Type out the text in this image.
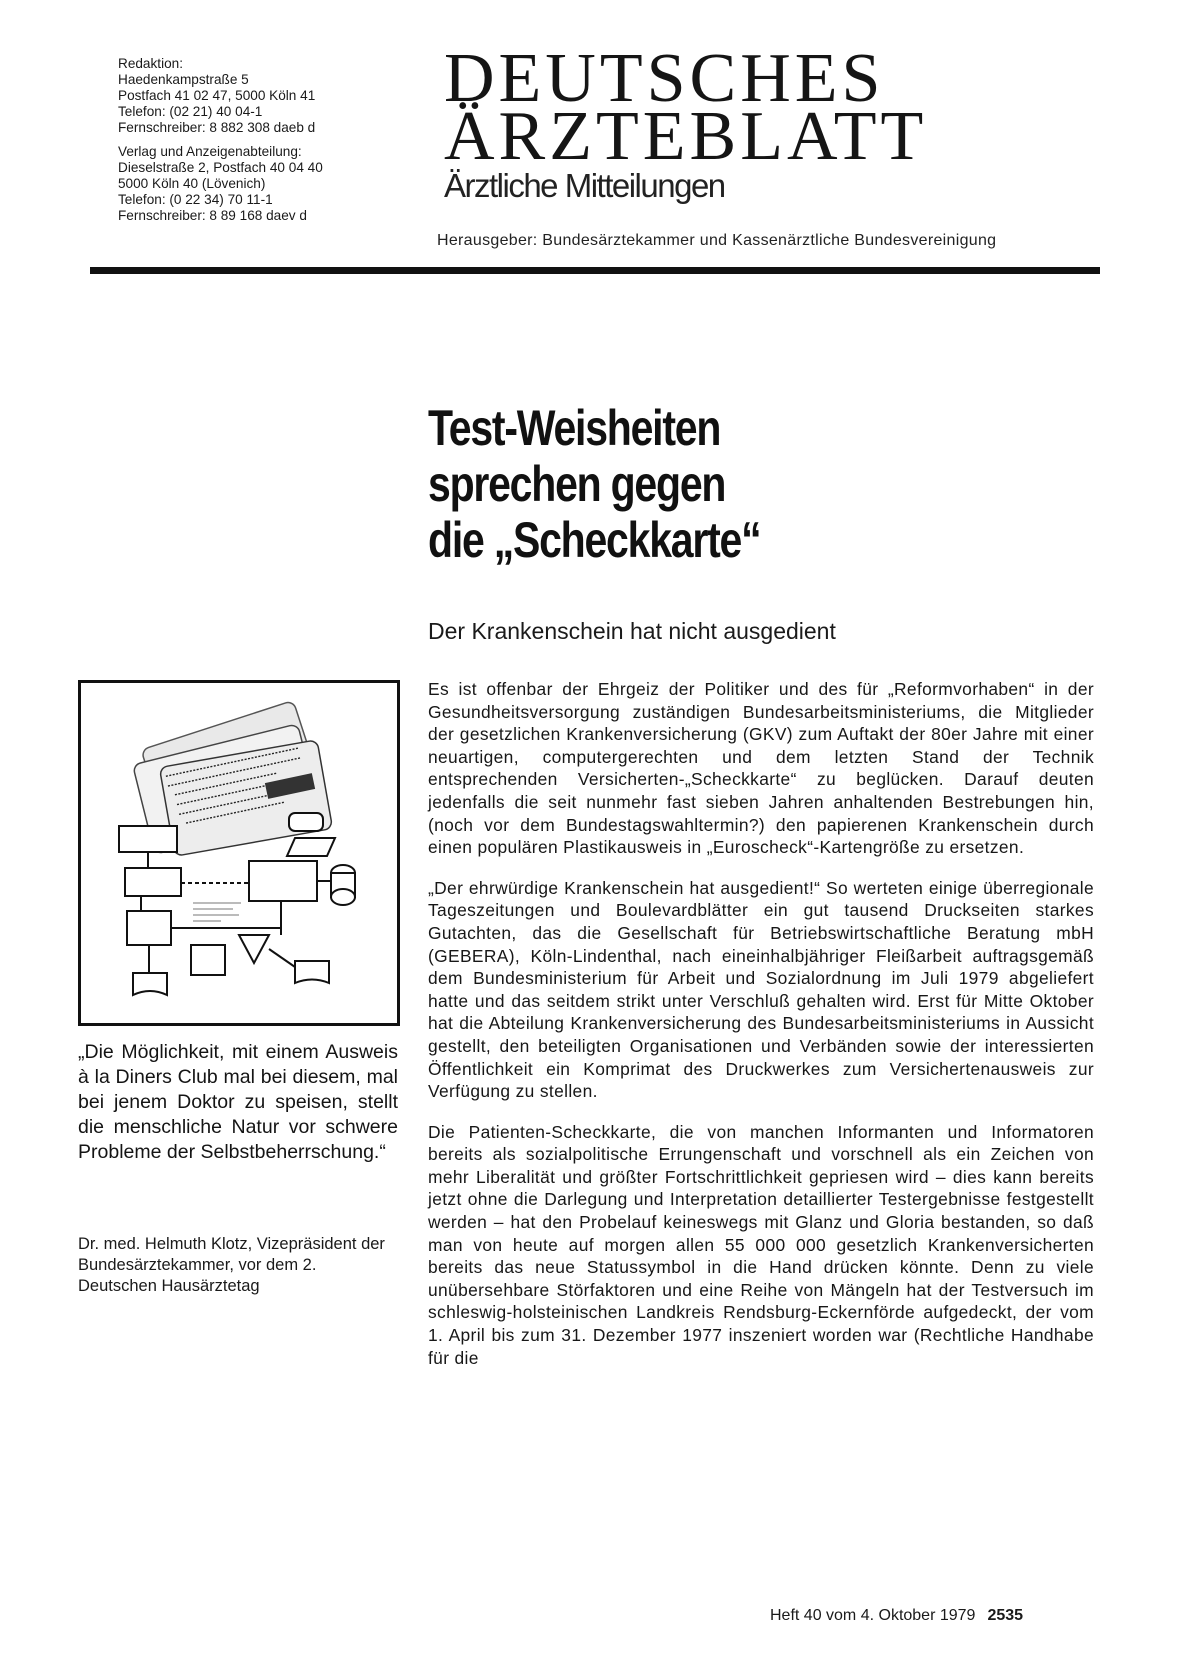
Redaktion:
Haedenkampstraße 5
Postfach 41 02 47, 5000 Köln 41
Telefon: (02 21) 40 04-1
Fernschreiber: 8 882 308 daeb d
Verlag und Anzeigenabteilung:
Dieselstraße 2, Postfach 40 04 40
5000 Köln 40 (Lövenich)
Telefon: (0 22 34) 70 11-1
Fernschreiber: 8 89 168 daev d
DEUTSCHES
ÄRZTEBLATT
Ärztliche Mitteilungen
Herausgeber: Bundesärztekammer und Kassenärztliche Bundesvereinigung
Test-Weisheiten
sprechen gegen
die „Scheckkarte“
Der Krankenschein hat nicht ausgedient
„Die Möglichkeit, mit einem Ausweis à la Diners Club mal bei diesem, mal bei jenem Doktor zu speisen, stellt die menschliche Natur vor schwere Probleme der Selbstbeherrschung.“
Dr. med. Helmuth Klotz, Vizepräsident der Bundesärztekammer, vor dem 2. Deutschen Hausärztetag

Es ist offenbar der Ehrgeiz der Politiker und des für „Reformvorhaben“ in der Gesundheitsversorgung zuständigen Bundesarbeitsministeriums, die Mitglieder der gesetzlichen Krankenversicherung (GKV) zum Auftakt der 80er Jahre mit einer neuartigen, computergerechten und dem letzten Stand der Technik entsprechenden Versicherten-„Scheckkarte“ zu beglücken. Darauf deuten jedenfalls die seit nunmehr fast sieben Jahren anhaltenden Bestrebungen hin, (noch vor dem Bundestagswahltermin?) den papierenen Krankenschein durch einen populären Plastikausweis in „Euroscheck“-Kartengröße zu ersetzen.

„Der ehrwürdige Krankenschein hat ausgedient!“ So werteten einige überregionale Tageszeitungen und Boulevardblätter ein gut tausend Druckseiten starkes Gutachten, das die Gesellschaft für Betriebswirtschaftliche Beratung mbH (GEBERA), Köln-Lindenthal, nach eineinhalbjähriger Fleißarbeit auftragsgemäß dem Bundesministerium für Arbeit und Sozialordnung im Juli 1979 abgeliefert hatte und das seitdem strikt unter Verschluß gehalten wird. Erst für Mitte Oktober hat die Abteilung Krankenversicherung des Bundesarbeitsministeriums in Aussicht gestellt, den beteiligten Organisationen und Verbänden sowie der interessierten Öffentlichkeit ein Komprimat des Druckwerkes zum Versichertenausweis zur Verfügung zu stellen.

Die Patienten-Scheckkarte, die von manchen Informanten und Informatoren bereits als sozialpolitische Errungenschaft und vorschnell als ein Zeichen von mehr Liberalität und größter Fortschrittlichkeit gepriesen wird – dies kann bereits jetzt ohne die Darlegung und Interpretation detaillierter Testergebnisse festgestellt werden – hat den Probelauf keineswegs mit Glanz und Gloria bestanden, so daß man von heute auf morgen allen 55 000 000 gesetzlich Krankenversicherten bereits das neue Statussymbol in die Hand drücken könnte. Denn zu viele unübersehbare Störfaktoren und eine Reihe von Mängeln hat der Testversuch im schleswig-holsteinischen Landkreis Rendsburg-Eckernförde aufgedeckt, der vom 1. April bis zum 31. Dezember 1977 inszeniert worden war (Rechtliche Handhabe für die

Heft 40 vom 4. Oktober 1979 2535
